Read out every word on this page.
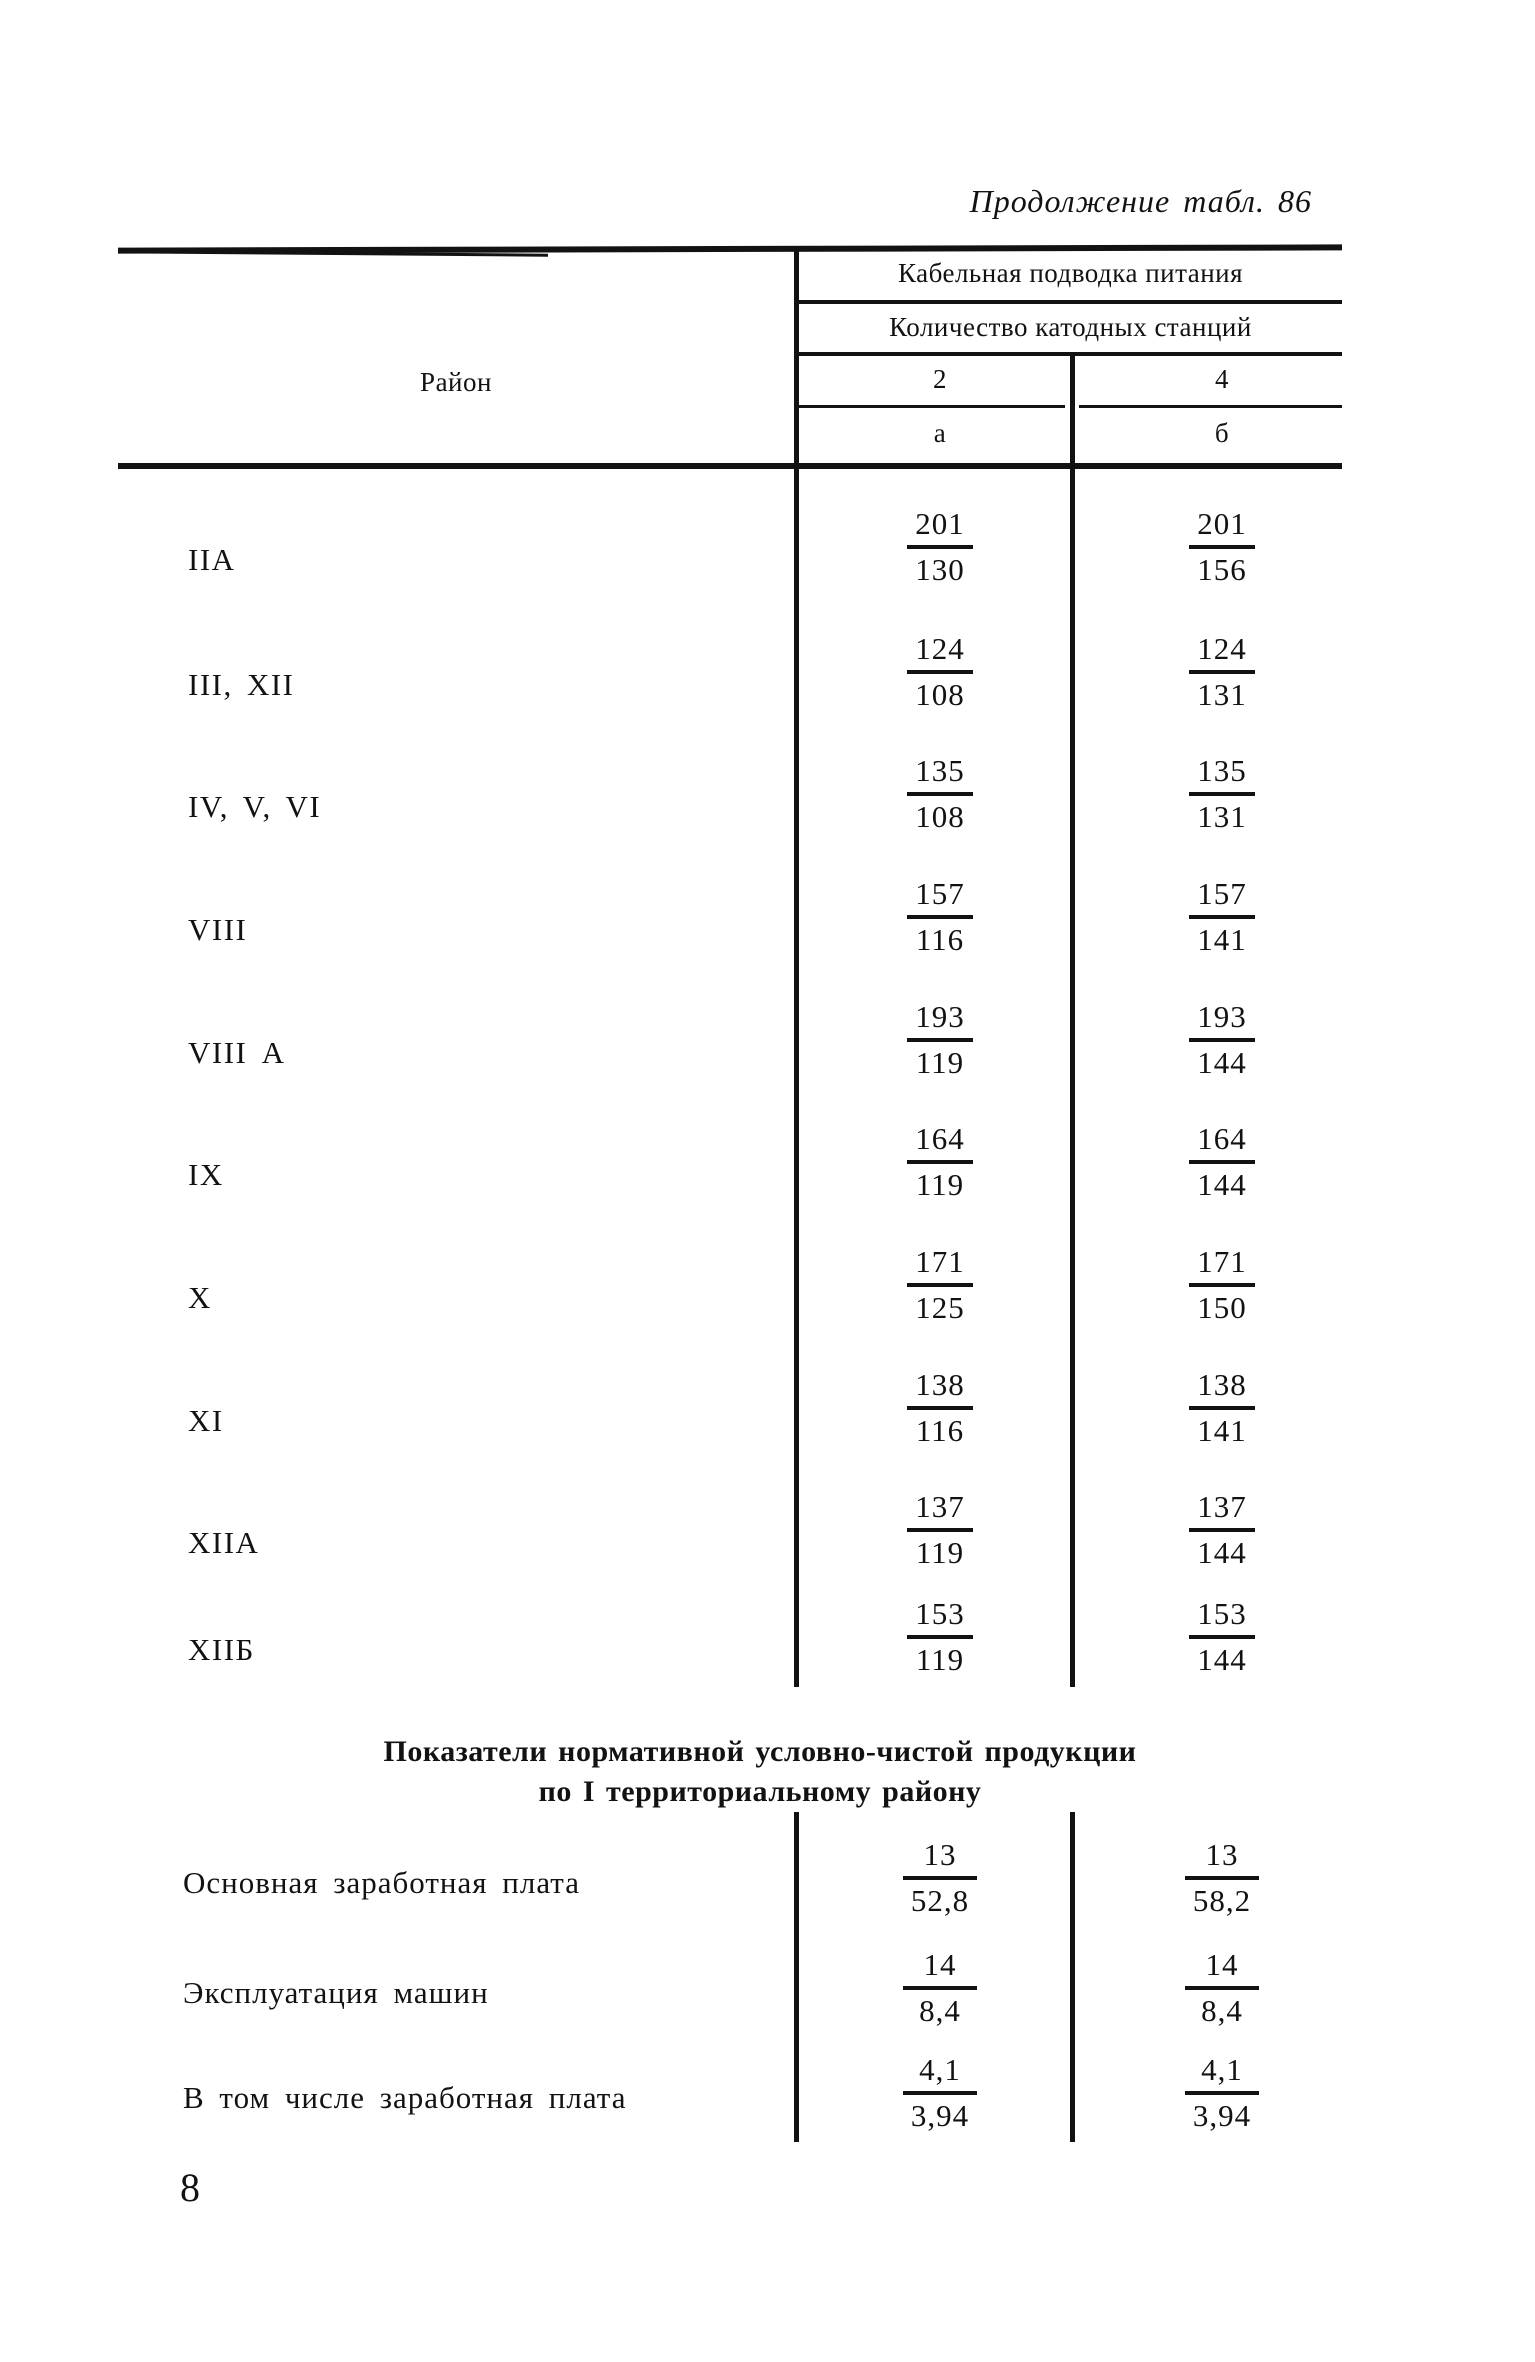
Продолжение табл. 86
Кабельная подводка питания
Количество катодных станций
2	4
а	б
Район
IIА
201
130
201
156
III, XII
124
108
124
131
IV, V, VI
135
108
135
131
VIII
157
116
157
141
VIII А
193
119
193
144
IX
164
119
164
144
X
171
125
171
150
XI
138
116
138
141
XIIА
137
119
137
144
XIIБ
153
119
153
144
Показатели нормативной условно-чистой продукции
по I территориальному району
Основная заработная плата
13
52,8
13
58,2
Эксплуатация машин
14
8,4
14
8,4
В том числе заработная плата
4,1
3,94
4,1
3,94
8
